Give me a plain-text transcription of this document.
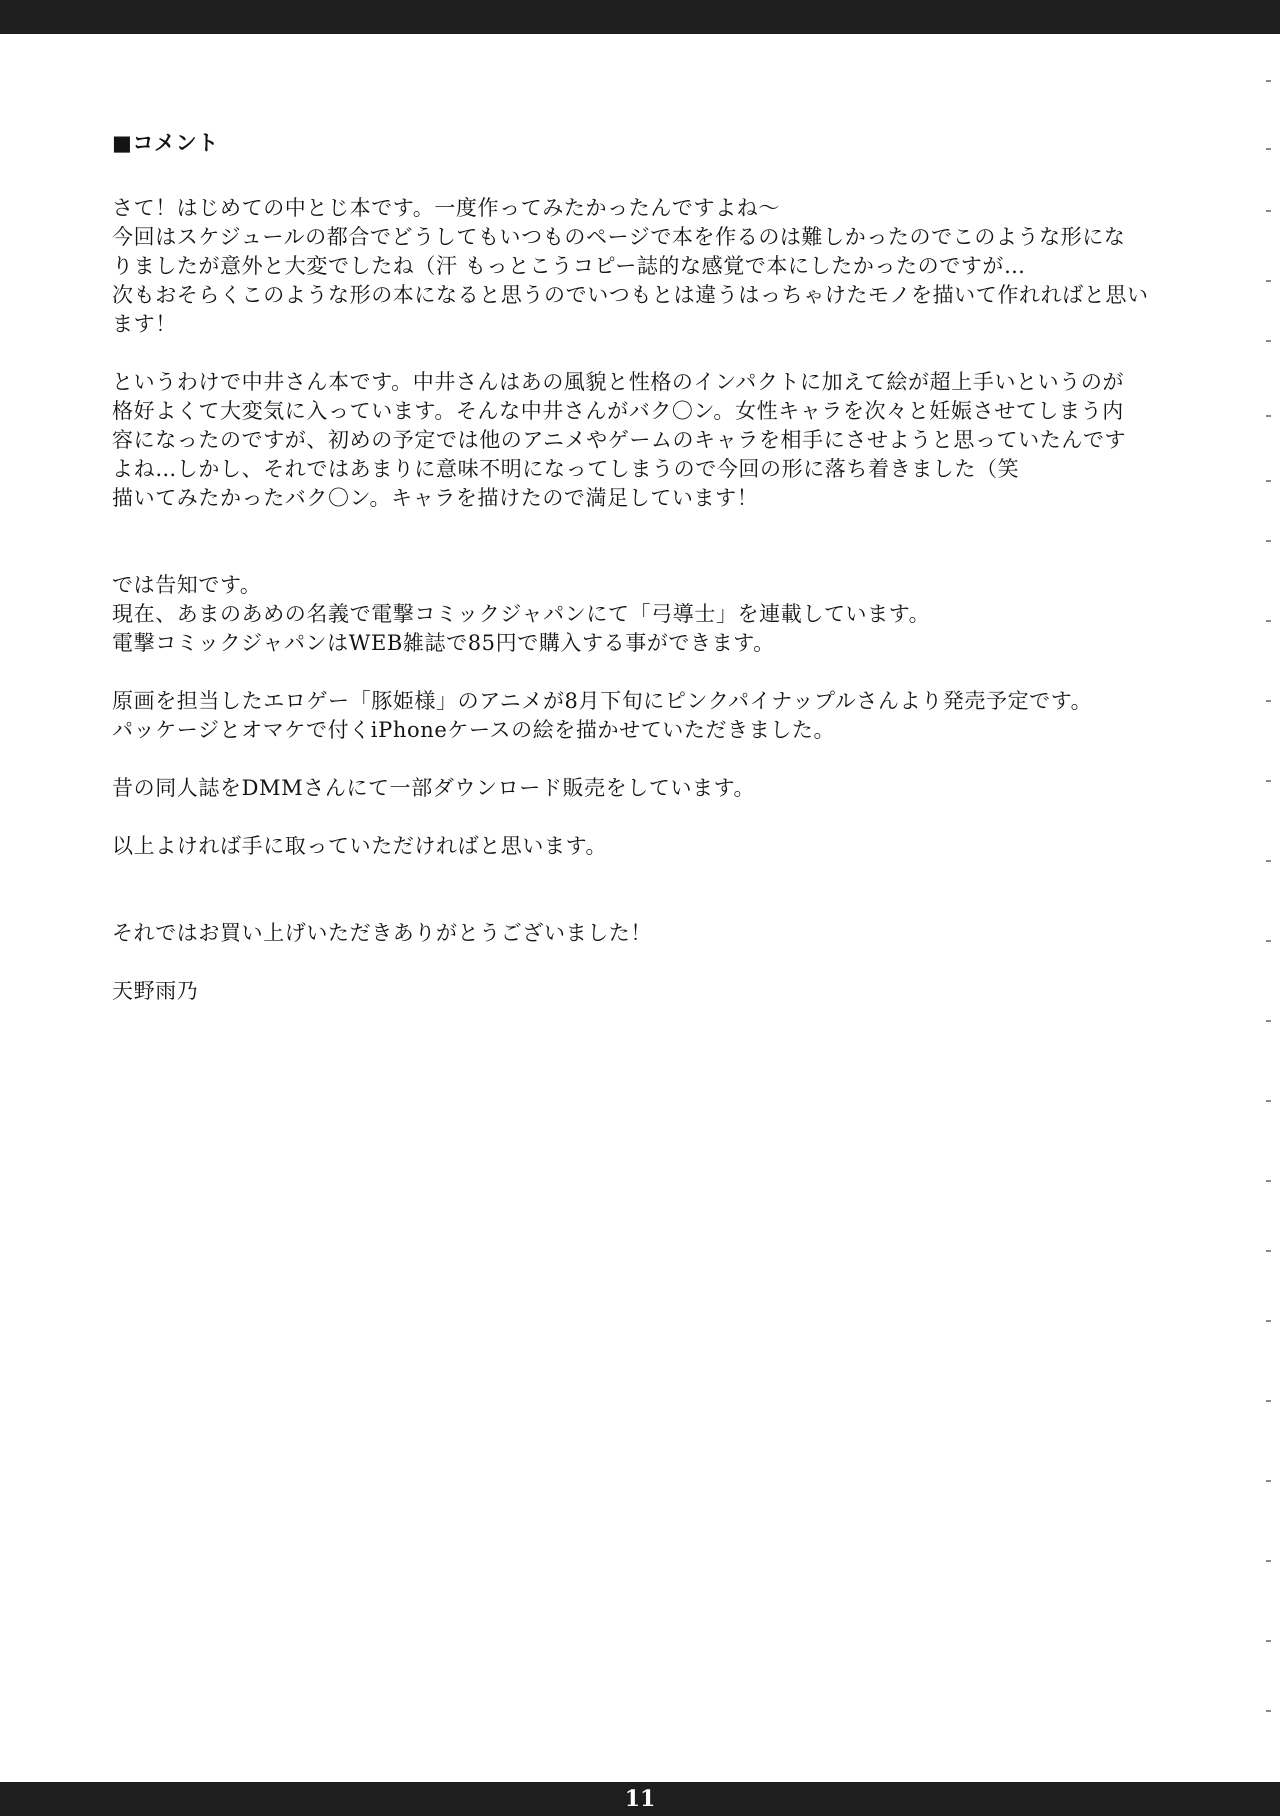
■コメント
さて！はじめての中とじ本です。一度作ってみたかったんですよね〜
今回はスケジュールの都合でどうしてもいつものページで本を作るのは難しかったのでこのような形にな
りましたが意外と大変でしたね（汗 もっとこうコピー誌的な感覚で本にしたかったのですが…
次もおそらくこのような形の本になると思うのでいつもとは違うはっちゃけたモノを描いて作れればと思い
ます！
というわけで中井さん本です。中井さんはあの風貌と性格のインパクトに加えて絵が超上手いというのが
格好よくて大変気に入っています。そんな中井さんがバク〇ン。女性キャラを次々と妊娠させてしまう内
容になったのですが、初めの予定では他のアニメやゲームのキャラを相手にさせようと思っていたんです
よね…しかし、それではあまりに意味不明になってしまうので今回の形に落ち着きました（笑
描いてみたかったバク〇ン。キャラを描けたので満足しています！
では告知です。
現在、あまのあめの名義で電撃コミックジャパンにて「弓導士」を連載しています。
電撃コミックジャパンはWEB雑誌で85円で購入する事ができます。
原画を担当したエロゲー「豚姫様」のアニメが8月下旬にピンクパイナップルさんより発売予定です。
パッケージとオマケで付くiPhoneケースの絵を描かせていただきました。
昔の同人誌をDMMさんにて一部ダウンロード販売をしています。
以上よければ手に取っていただければと思います。
それではお買い上げいただきありがとうございました！
天野雨乃
11
